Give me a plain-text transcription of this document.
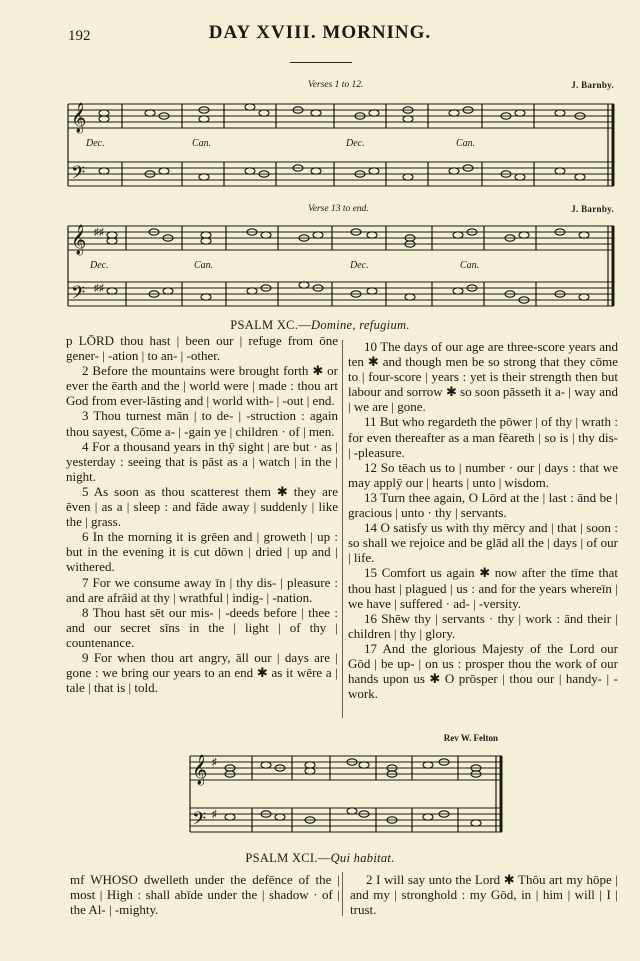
192	DAY XVIII. MORNING.
Verses 1 to 12.	J. Barnby.
𝄞
𝄢
Dec.	Can.	Dec.	Can.
Verse 13 to end.	J. Barnby.
𝄞 ♯♯
𝄢 ♯♯
Dec.	Can.	Dec.	Can.
PSALM XC.—Domine, refugium.

p LŌRD thou hast | been our | refuge from ōne gener- | -ation | to an- | -other.

2 Before the mountains were brought forth ✱ or ever the ēarth and the | world were | made : thou art God from ever-lāsting and | world with- | -out | end.

3 Thou turnest mān | to de- | -struction : again thou sayest, Cōme a- | -gain ye | children · of | men.

4 For a thousand years in thȳ sight | are but · as | yesterday : seeing that is pāst as a | watch | in the | night.

5 As soon as thou scatterest them ✱ they are ēven | as a | sleep : and fāde away | suddenly | like the | grass.

6 In the morning it is grēen and | groweth | up : but in the evening it is cut dōwn | dried | up and | withered.

7 For we consume away īn | thy dis- | pleasure : and are afrāid at thy | wrathful | indig- | -nation.

8 Thou hast sēt our mis- | -deeds before | thee : and our secret sīns in the | light | of thy | countenance.

9 For when thou art angry, āll our | days are | gone : we bring our years to an end ✱ as it wēre a | tale | that is | told.

10 The days of our age are three-score years and ten ✱ and though men be so strong that they cōme to | four-score | years : yet is their strength then but labour and sorrow ✱ so soon pāsseth it a- | way and | we are | gone.

11 But who regardeth the pōwer | of thy | wrath : for even thereafter as a man fēareth | so is | thy dis- | -pleasure.

12 So tēach us to | number · our | days : that we may applȳ our | hearts | unto | wisdom.

13 Turn thee again, O Lōrd at the | last : ānd be | gracious | unto · thy | servants.

14 O satisfy us with thy mērcy and | that | soon : so shall we rejoice and be glād all the | days | of our | life.

15 Comfort us again ✱ now after the tīme that thou hast | plagued | us : and for the years whereīn | we have | suffered · ad- | -versity.

16 Shēw thy | servants · thy | work : ānd their | children | thy | glory.

17 And the glorious Majesty of the Lord our Gōd | be up- | on us : prosper thou the work of our hands upon us ✱ O prōsper | thou our | handy- | -work.

Rev W. Felton
𝄞 ♯
𝄢 ♯
PSALM XCI.—Qui habitat.

mf WHOSO dwelleth under the defēnce of the | most | High : shall abīde under the | shadow · of | the Al- | -mighty.

2 I will say unto the Lord ✱ Thōu art my hōpe | and my | stronghold : my Gōd, in | him | will | I | trust.
